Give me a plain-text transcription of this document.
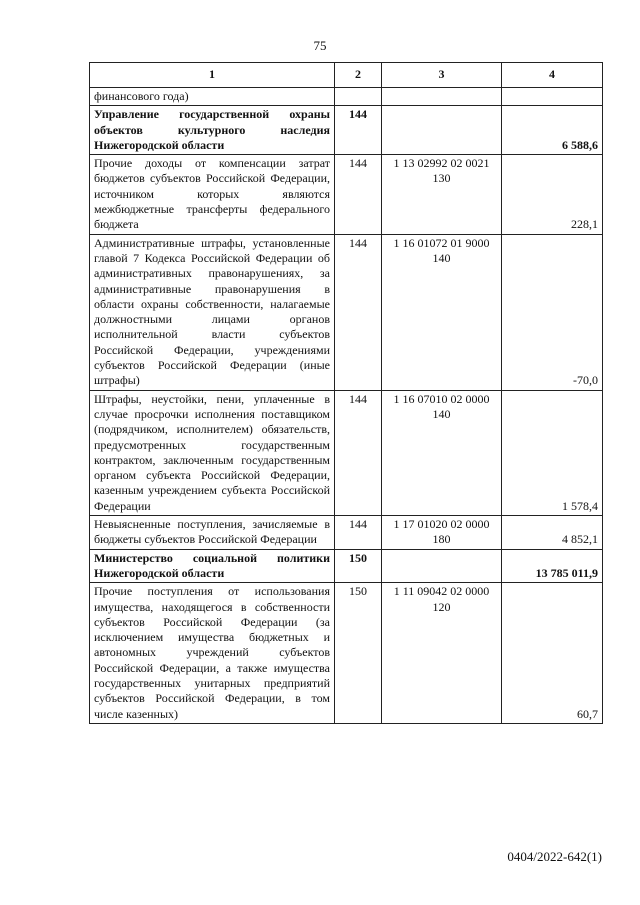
75
1	2	3	4
финансового года)			
Управление государственной охраны объектов культурного наследия Нижегородской области	144		6 588,6
Прочие доходы от компенсации затрат бюджетов субъектов Российской Федерации, источником которых являются межбюджетные трансферты федерального бюджета	144	1 13 02992 02 0021 130	228,1
Административные штрафы, установленные главой 7 Кодекса Российской Федерации об административных правонарушениях, за административные правонарушения в области охраны собственности, налагаемые должностными лицами органов исполнительной власти субъектов Российской Федерации, учреждениями субъектов Российской Федерации (иные штрафы)	144	1 16 01072 01 9000 140	-70,0
Штрафы, неустойки, пени, уплаченные в случае просрочки исполнения поставщиком (подрядчиком, исполнителем) обязательств, предусмотренных государственным контрактом, заключенным государственным органом субъекта Российской Федерации, казенным учреждением субъекта Российской Федерации	144	1 16 07010 02 0000 140	1 578,4
Невыясненные поступления, зачисляемые в бюджеты субъектов Российской Федерации	144	1 17 01020 02 0000 180	4 852,1
Министерство социальной политики Нижегородской области	150		13 785 011,9
Прочие поступления от использования имущества, находящегося в собственности субъектов Российской Федерации (за исключением имущества бюджетных и автономных учреждений субъектов Российской Федерации, а также имущества государственных унитарных предприятий субъектов Российской Федерации, в том числе казенных)	150	1 11 09042 02 0000 120	60,7
0404/2022-642(1)
